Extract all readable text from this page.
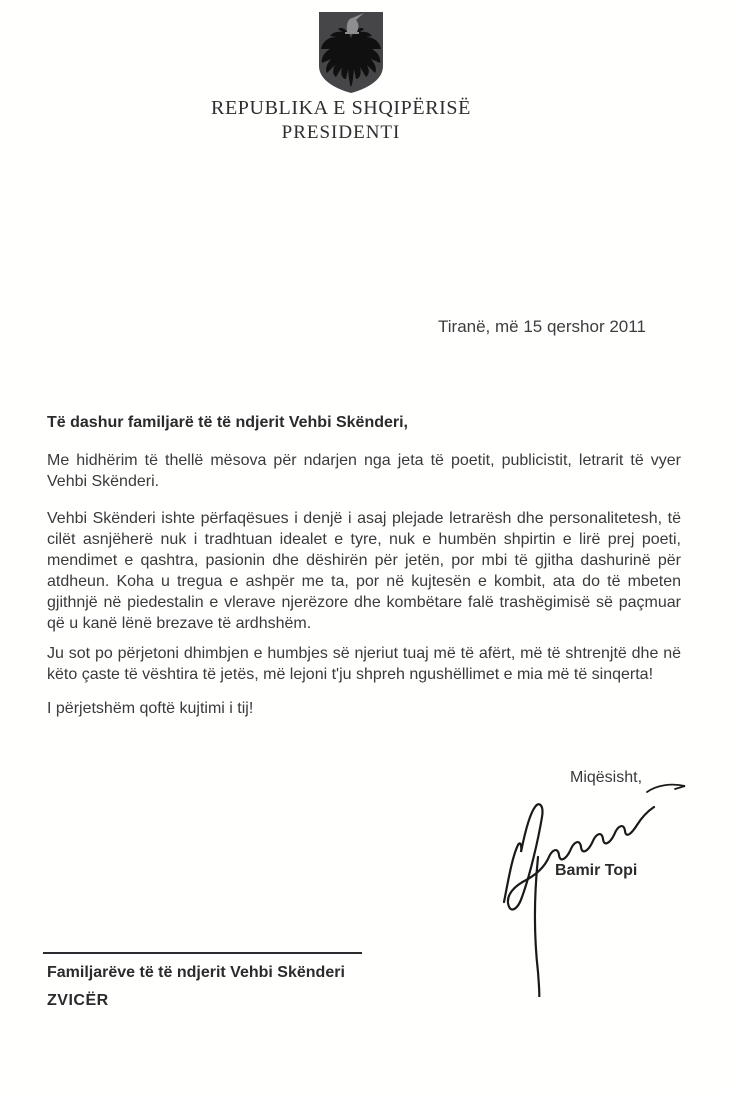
REPUBLIKA E SHQIPËRISË
PRESIDENTI
Tiranë, më 15 qershor 2011

Të dashur familjarë të të ndjerit Vehbi Skënderi,

Me hidhërim të thellë mësova për ndarjen nga jeta të poetit, publicistit, letrarit të vyer Vehbi Skënderi.

Vehbi Skënderi ishte përfaqësues i denjë i asaj plejade letrarësh dhe personalitetesh, të cilët asnjëherë nuk i tradhtuan idealet e tyre, nuk e humbën shpirtin e lirë prej poeti, mendimet e qashtra, pasionin dhe dëshirën për jetën, por mbi të gjitha dashurinë për atdheun. Koha u tregua e ashpër me ta, por në kujtesën e kombit, ata do të mbeten gjithnjë në piedestalin e vlerave njerëzore dhe kombëtare falë trashëgimisë së paçmuar që u kanë lënë brezave të ardhshëm.

Ju sot po përjetoni dhimbjen e humbjes së njeriut tuaj më të afërt, më të shtrenjtë dhe në këto çaste të vështira të jetës, më lejoni t'ju shpreh ngushëllimet e mia më të sinqerta!

I përjetshëm qoftë kujtimi i tij!

Miqësisht,
Bamir Topi
Familjarëve të të ndjerit Vehbi Skënderi
ZVICËR
